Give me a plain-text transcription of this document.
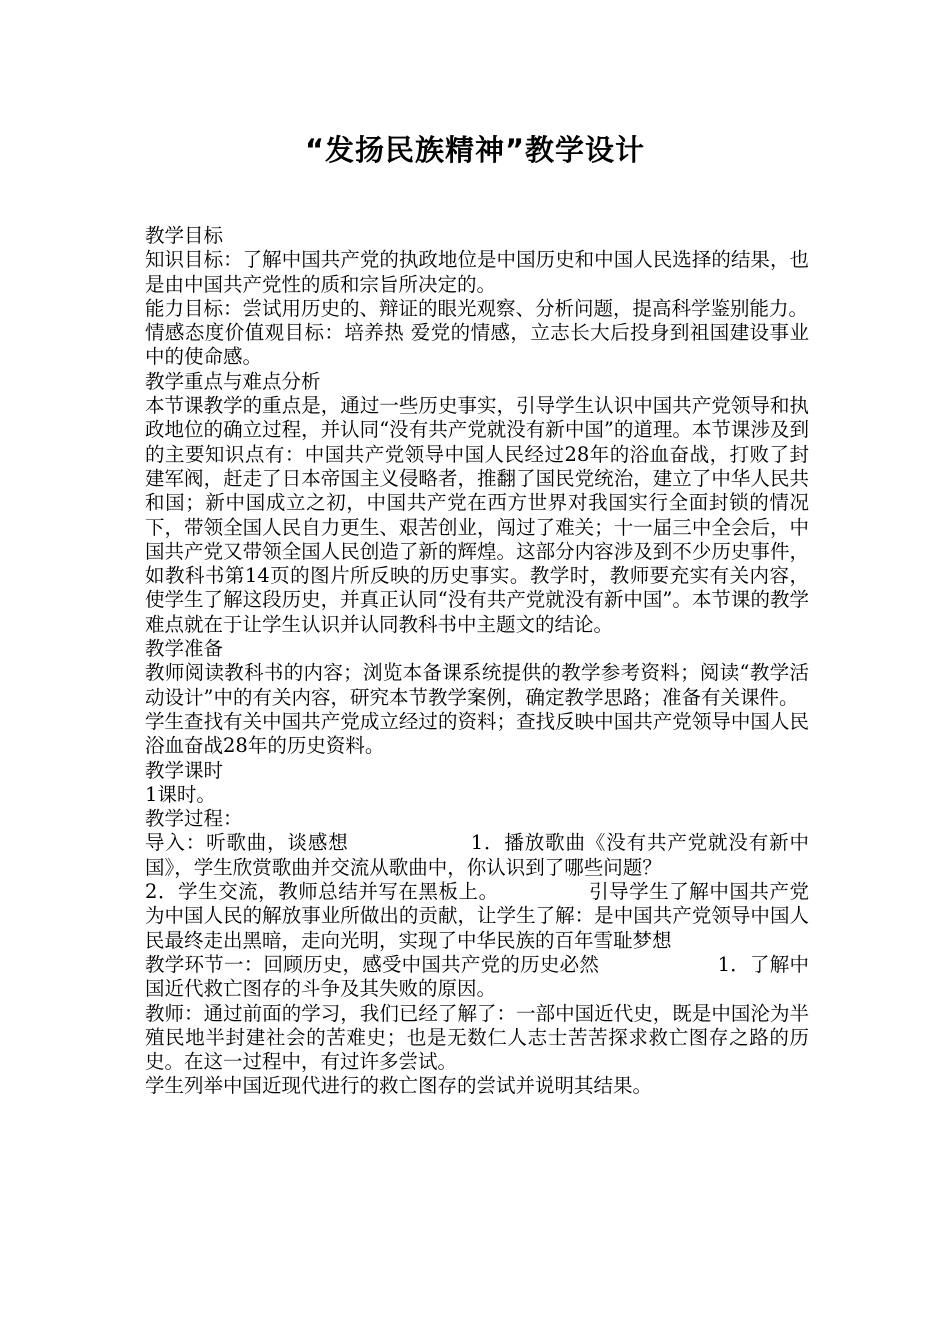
“发扬民族精神”教学设计

教学目标

知识目标：了解中国共产党的执政地位是中国历史和中国人民选择的结果，也是由中国共产党性的质和宗旨所决定的。

能力目标：尝试用历史的、辩证的眼光观察、分析问题，提高科学鉴别能力。

情感态度价值观目标：培养热 爱党的情感，立志长大后投身到祖国建设事业中的使命感。

教学重点与难点分析

本节课教学的重点是，通过一些历史事实，引导学生认识中国共产党领导和执政地位的确立过程，并认同“没有共产党就没有新中国”的道理。本节课涉及到的主要知识点有：中国共产党领导中国人民经过28年的浴血奋战，打败了封建军阀，赶走了日本帝国主义侵略者，推翻了国民党统治，建立了中华人民共和国；新中国成立之初，中国共产党在西方世界对我国实行全面封锁的情况下，带领全国人民自力更生、艰苦创业，闯过了难关；十一届三中全会后，中国共产党又带领全国人民创造了新的辉煌。这部分内容涉及到不少历史事件，如教科书第14页的图片所反映的历史事实。教学时，教师要充实有关内容，使学生了解这段历史，并真正认同“没有共产党就没有新中国”。本节课的教学难点就在于让学生认识并认同教科书中主题文的结论。

教学准备

教师阅读教科书的内容；浏览本备课系统提供的教学参考资料；阅读“教学活动设计”中的有关内容，研究本节教学案例，确定教学思路；准备有关课件。

学生查找有关中国共产党成立经过的资料；查找反映中国共产党领导中国人民浴血奋战28年的历史资料。

教学课时

1课时。

教学过程：

导入：听歌曲，谈感想　　　　　　1．播放歌曲《没有共产党就没有新中国》，学生欣赏歌曲并交流从歌曲中，你认识到了哪些问题？

2．学生交流，教师总结并写在黑板上。　　　　　引导学生了解中国共产党为中国人民的解放事业所做出的贡献，让学生了解：是中国共产党领导中国人民最终走出黑暗，走向光明，实现了中华民族的百年雪耻梦想

教学环节一：回顾历史，感受中国共产党的历史必然　　　　　　1．了解中国近代救亡图存的斗争及其失败的原因。

教师：通过前面的学习，我们已经了解了：一部中国近代史，既是中国沦为半殖民地半封建社会的苦难史；也是无数仁人志士苦苦探求救亡图存之路的历史。在这一过程中，有过许多尝试。

学生列举中国近现代进行的救亡图存的尝试并说明其结果。
